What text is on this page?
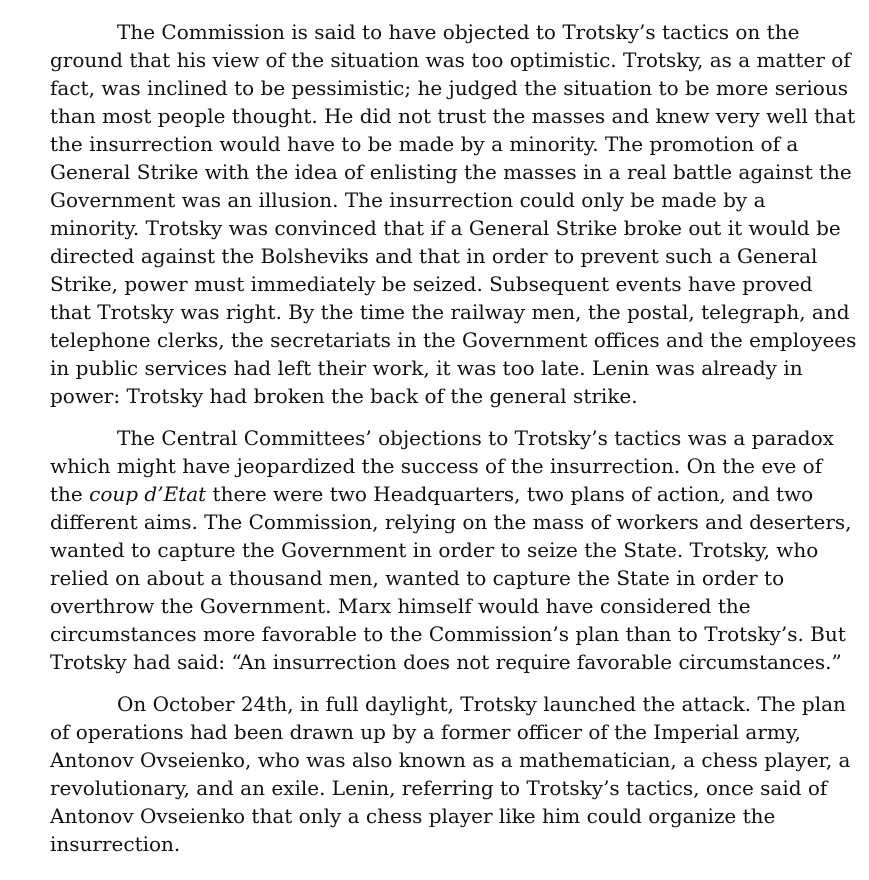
The Commission is said to have objected to Trotsky’s tactics on the ground that his view of the situation was too optimistic. Trotsky, as a matter of fact, was inclined to be pessimistic; he judged the situation to be more serious than most people thought. He did not trust the masses and knew very well that the insurrection would have to be made by a minority. The promotion of a General Strike with the idea of enlisting the masses in a real battle against the Government was an illusion. The insurrection could only be made by a minority. Trotsky was convinced that if a General Strike broke out it would be directed against the Bolsheviks and that in order to prevent such a General Strike, power must immediately be seized. Subsequent events have proved that Trotsky was right. By the time the railway men, the postal, telegraph, and telephone clerks, the secretariats in the Government offices and the employees in public services had left their work, it was too late. Lenin was already in power: Trotsky had broken the back of the general strike.

The Central Committees’ objections to Trotsky’s tactics was a paradox which might have jeopardized the success of the insurrection. On the eve of the coup d’Etat there were two Headquarters, two plans of action, and two different aims. The Commission, relying on the mass of workers and deserters, wanted to capture the Government in order to seize the State. Trotsky, who relied on about a thousand men, wanted to capture the State in order to overthrow the Government. Marx himself would have considered the circumstances more favorable to the Commission’s plan than to Trotsky’s. But Trotsky had said: “An insurrection does not require favorable circumstances.”

On October 24th, in full daylight, Trotsky launched the attack. The plan of operations had been drawn up by a former officer of the Imperial army, Antonov Ovseienko, who was also known as a mathematician, a chess player, a revolutionary, and an exile. Lenin, referring to Trotsky’s tactics, once said of Antonov Ovseienko that only a chess player like him could organize the insurrection.
